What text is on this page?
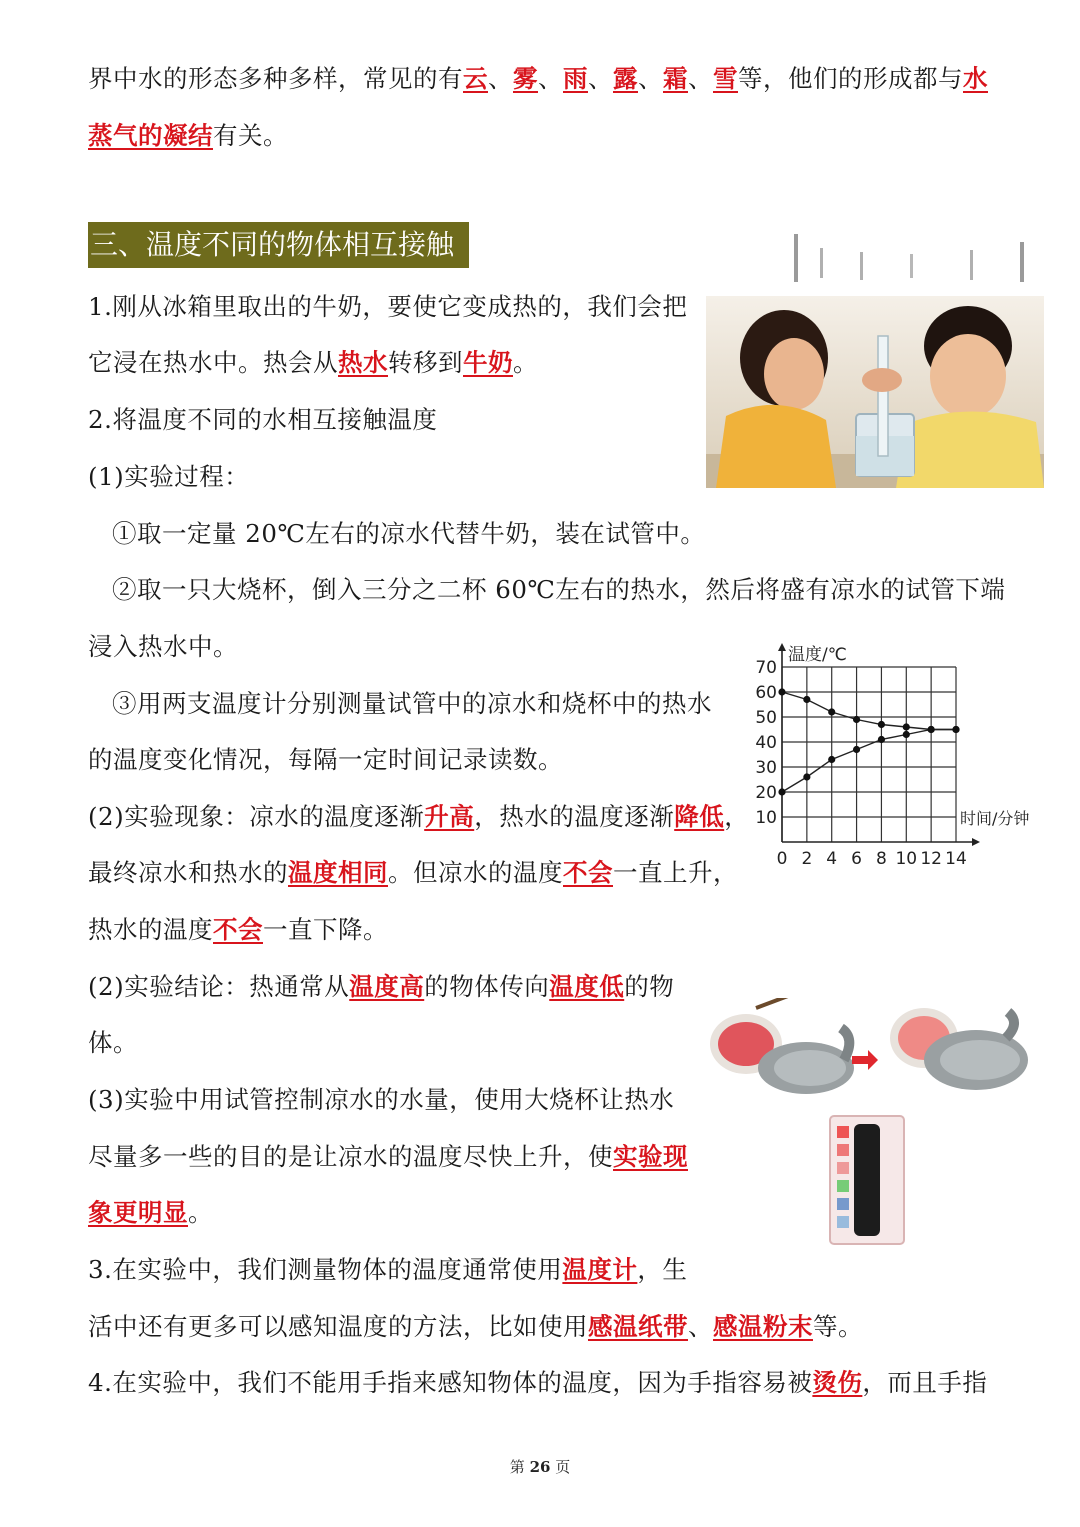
界中水的形态多种多样，常见的有云、雾、雨、露、霜、雪等，他们的形成都与水
蒸气的凝结有关。
三、温度不同的物体相互接触
1.刚从冰箱里取出的牛奶，要使它变成热的，我们会把
它浸在热水中。热会从热水转移到牛奶。
2.将温度不同的水相互接触温度
(1)实验过程：
①取一定量 20℃左右的凉水代替牛奶，装在试管中。
②取一只大烧杯，倒入三分之二杯 60℃左右的热水，然后将盛有凉水的试管下端
浸入热水中。
③用两支温度计分别测量试管中的凉水和烧杯中的热水
的温度变化情况，每隔一定时间记录读数。
(2)实验现象：凉水的温度逐渐升高，热水的温度逐渐降低，
最终凉水和热水的温度相同。但凉水的温度不会一直上升，
热水的温度不会一直下降。
(2)实验结论：热通常从温度高的物体传向温度低的物
体。
(3)实验中用试管控制凉水的水量，使用大烧杯让热水
尽量多一些的目的是让凉水的温度尽快上升，使实验现
象更明显。
3.在实验中，我们测量物体的温度通常使用温度计，生
活中还有更多可以感知温度的方法，比如使用感温纸带、感温粉末等。
4.在实验中，我们不能用手指来感知物体的温度，因为手指容易被烫伤，而且手指
0 2 4 6 8 10 12 14
10
20
30
40
50
60
70
温度/℃
时间/分钟
第 26 页
